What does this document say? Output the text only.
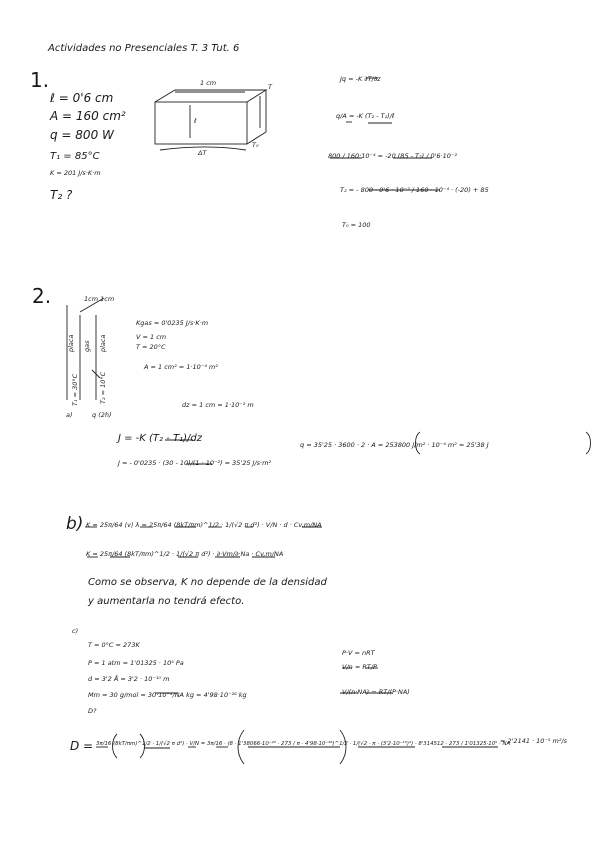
Actividades no Presenciales T. 3 Tut. 6
1.
ℓ = 0'6 cm
A = 160 cm²
q = 800 W
T₁ = 85°C
K = 201 J/s·K·m
T₂ ?
1 cm
ℓ
T
ΔT
T₀
Jq = -K ∂T/∂z
q/A = -K (T₂ - T₁)/ℓ
800 / 160·10⁻⁴ = -20 (85 - T₂) / 0'6·10⁻²
T₂ = - 800 · 0'6 · 10⁻² / 160 · 10⁻⁴ · (-20) + 85
T₀ = 100
2.	1cm 1cm
placa gas placa
T₁ = 30°C	T₂ = 10°C
Kgas = 0'0235 J/s·K·m
V = 1 cm
T = 20°C
A = 1 cm² = 1·10⁻⁴ m²
dz = 1 cm = 1·10⁻² m
a)	q (2h)
J = -K (T₂ - T₁)/dz
J = - 0'0235 · (30 - 10)/(1 · 10⁻²) = 35'25 J/s·m²
q = 35'25 · 3600 · 2 · A = 253800 J/m² · 10⁻⁴ m² = 25'38 J
b) K = 25π/64 ⟨v⟩ λ = 25π/64 (8kT/πm)^1/2 · 1/(√2 π d²) · V/N · d · Cv,m/NA
K = 25π/64 (8kT/πm)^1/2 · 1/(√2 π d²) · ∂·Vm/∂·Na · Cv,m/NA
Como se observa, K no depende de la densidad
y aumentarla no tendrá efecto.
c)
T = 0°C = 273K
P = 1 atm = 1'01325 · 10⁵ Pa
d = 3'2 Å = 3'2 · 10⁻¹⁰ m
Mm = 30 g/mol = 30·10⁻³/NA kg = 4'98·10⁻²⁶ kg
D?
P·V = nRT
V/n = RT/P
V/(n·NA) = RT/(P·NA)
D = 3π/16 (8kT/πm)^1/2 · 1/(√2 π d²) · V/N = 3π/16 · (8 · 1'38066·10⁻²³ · 273 / π · 4'98·10⁻²⁶)^1/2 · 1/(√2 · π · (3'2·10⁻¹⁰)²) · 8'314512 · 273 / 1'01325·10⁵ · NA
= 2'2141 · 10⁻⁵ m²/s
